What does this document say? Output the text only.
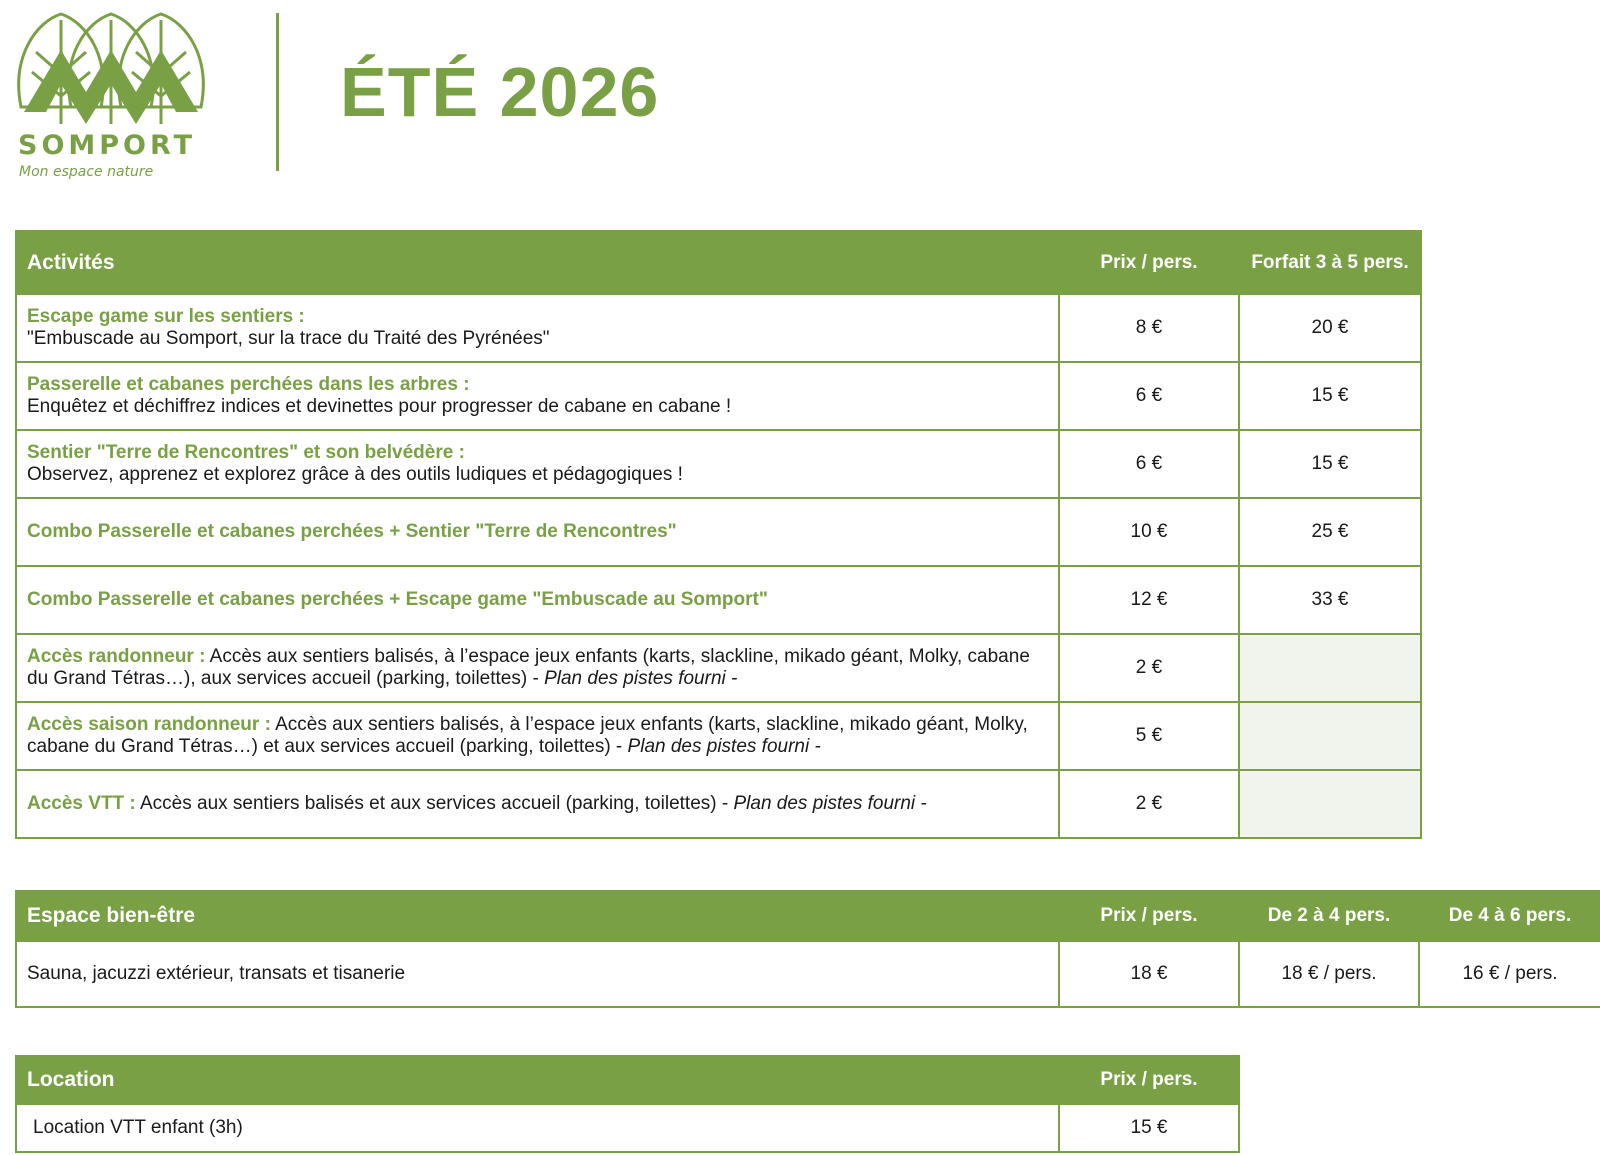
SOMPORT
Mon espace nature
ÉTÉ 2026
Activités	Prix / pers.	Forfait 3 à 5 pers.
Escape game sur les sentiers :
"Embuscade au Somport, sur la trace du Traité des Pyrénées"	8 €	20 €
Passerelle et cabanes perchées dans les arbres :
Enquêtez et déchiffrez indices et devinettes pour progresser de cabane en cabane !	6 €	15 €
Sentier "Terre de Rencontres" et son belvédère :
Observez, apprenez et explorez grâce à des outils ludiques et pédagogiques !	6 €	15 €
Combo Passerelle et cabanes perchées + Sentier "Terre de Rencontres"	10 €	25 €
Combo Passerelle et cabanes perchées + Escape game "Embuscade au Somport"	12 €	33 €
Accès randonneur : Accès aux sentiers balisés, à l’espace jeux enfants (karts, slackline, mikado géant, Molky, cabane du Grand Tétras…), aux services accueil (parking, toilettes) - Plan des pistes fourni -	2 €	
Accès saison randonneur : Accès aux sentiers balisés, à l’espace jeux enfants (karts, slackline, mikado géant, Molky, cabane du Grand Tétras…) et aux services accueil (parking, toilettes) - Plan des pistes fourni -	5 €	
Accès VTT : Accès aux sentiers balisés et aux services accueil (parking, toilettes) - Plan des pistes fourni -	2 €	
Espace bien-être	Prix / pers.	De 2 à 4 pers.	De 4 à 6 pers.
Sauna, jacuzzi extérieur, transats et tisanerie	18 €	18 € / pers.	16 € / pers.
Location	Prix / pers.
Location VTT enfant (3h)	15 €
